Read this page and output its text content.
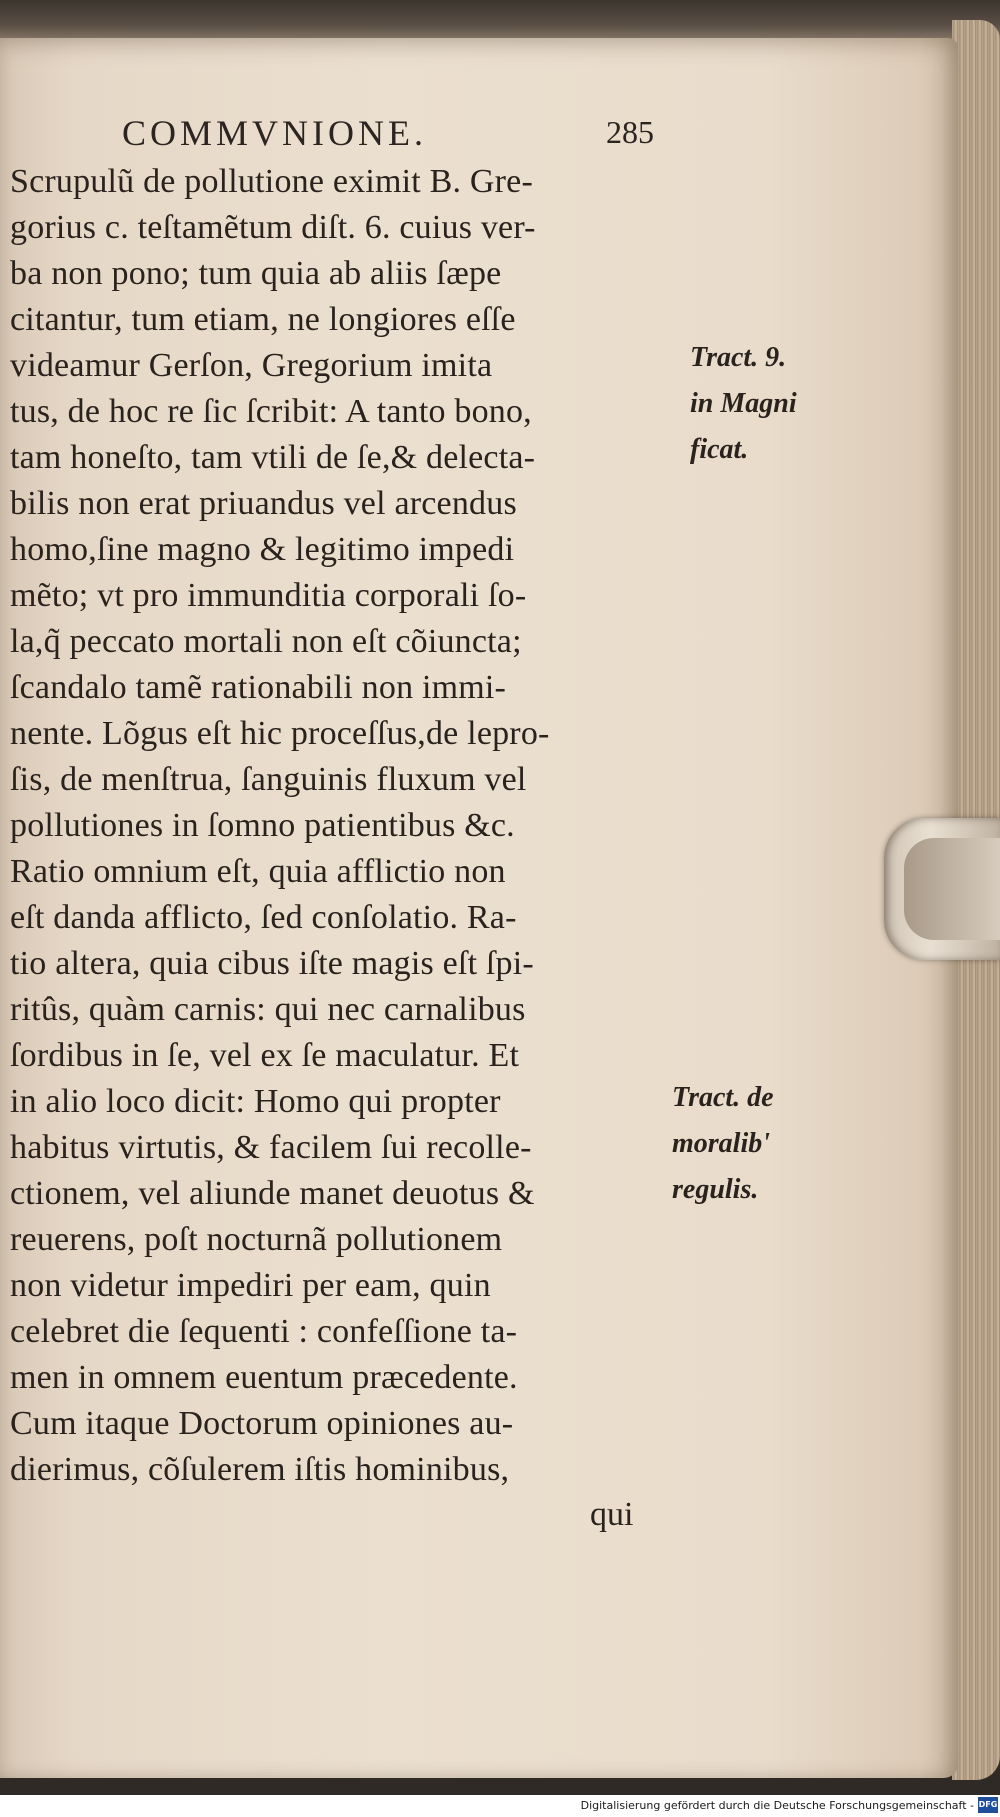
COMMVNIONE.	285
Scrupulũ de pollutione eximit B. Gre-
gorius c. teſtamẽtum diſt. 6. cuius ver-
ba non pono; tum quia ab aliis ſæpe
citantur, tum etiam, ne longiores eſſe
videamur Gerſon, Gregorium imita
tus, de hoc re ſic ſcribit: A tanto bono,
tam honeſto, tam vtili de ſe,& delecta-
bilis non erat priuandus vel arcendus
homo,ſine magno & legitimo impedi
mẽto; vt pro immunditia corporali ſo-
la,q̃ peccato mortali non eſt cõiuncta;
ſcandalo tamẽ rationabili non immi-
nente. Lõgus eſt hic proceſſus,de lepro-
ſis, de menſtrua, ſanguinis fluxum vel
pollutiones in ſomno patientibus &c.
Ratio omnium eſt, quia afflictio non
eſt danda afflicto, ſed conſolatio. Ra-
tio altera, quia cibus iſte magis eſt ſpi-
ritûs, quàm carnis: qui nec carnalibus
ſordibus in ſe, vel ex ſe maculatur. Et
in alio loco dicit: Homo qui propter
habitus virtutis, & facilem ſui recolle-
ctionem, vel aliunde manet deuotus &
reuerens, poſt nocturnã pollutionem
non videtur impediri per eam, quin
celebret die ſequenti : confeſſione ta-
men in omnem euentum præcedente.
Cum itaque Doctorum opiniones au-
dierimus, cõſulerem iſtis hominibus,
qui
Tract. 9.
in Magni
ficat.
Tract. de
moralib'
regulis.
Digitalisierung gefördert durch die Deutsche Forschungsgemeinschaft - DFG
